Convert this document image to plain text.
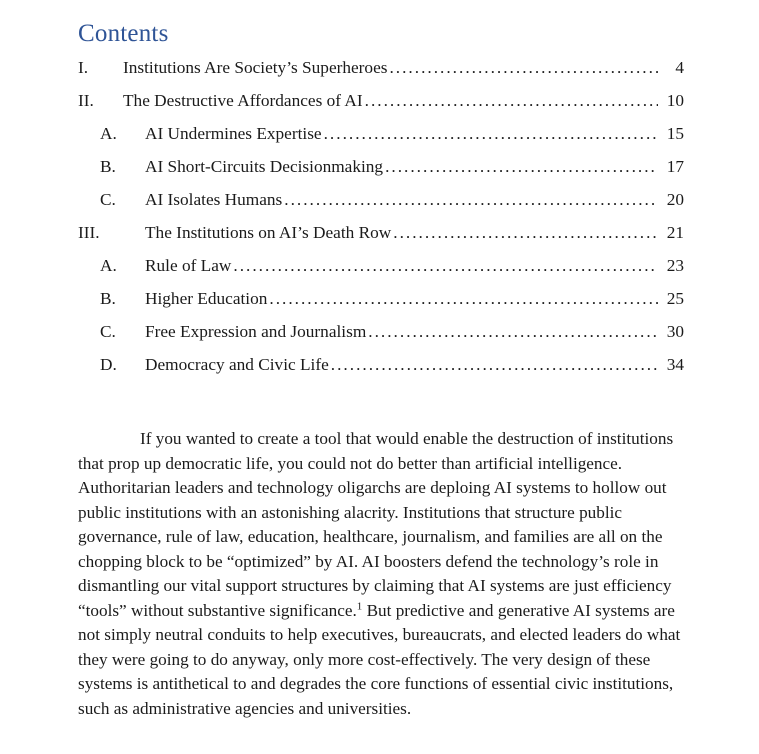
Contents
I.	Institutions Are Society’s Superheroes .....	4
II.	The Destructive Affordances of AI .....	10
A.	AI Undermines Expertise .....	15
B.	AI Short-Circuits Decisionmaking .....	17
C.	AI Isolates Humans .....	20
III.	The Institutions on AI’s Death Row .....	21
A.	Rule of Law .....	23
B.	Higher Education .....	25
C.	Free Expression and Journalism .....	30
D.	Democracy and Civic Life .....	34

If you wanted to create a tool that would enable the destruction of institutions that prop up democratic life, you could not do better than artificial intelligence. Authoritarian leaders and technology oligarchs are deploing AI systems to hollow out public institutions with an astonishing alacrity. Institutions that structure public governance, rule of law, education, healthcare, journalism, and families are all on the chopping block to be “optimized” by AI. AI boosters defend the technology’s role in dismantling our vital support structures by claiming that AI systems are just efficiency “tools” without substantive significance.$^1$ But predictive and generative AI systems are not simply neutral conduits to help executives, bureaucrats, and elected leaders do what they were going to do anyway, only more cost-effectively. The very design of these systems is antithetical to and degrades the core functions of essential civic institutions, such as administrative agencies and universities.
